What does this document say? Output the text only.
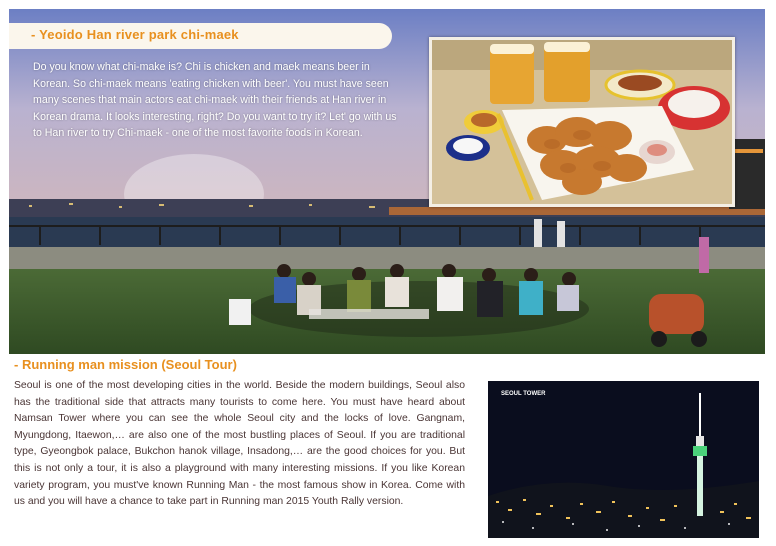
- Yeoido Han river park chi-maek
Do you know what chi-make is? Chi is chicken and maek means beer in Korean. So chi-maek means 'eating chicken with beer'. You must have seen many scenes that main actors eat chi-maek with their friends at Han river in Korean drama. It looks interesting, right? Do you want to try it? Let' go with us to Han river to try Chi-maek - one of the most favorite foods in Korean.
- Running man mission (Seoul Tour)
Seoul is one of the most developing cities in the world. Beside the modern buildings, Seoul also has the traditional side that attracts many tourists to come here. You must have heard about Namsan Tower where you can see the whole Seoul city and the locks of love. Gangnam, Myungdong, Itaewon,… are also one of the most bustling places of Seoul. If you are traditional type, Gyeongbok palace, Bukchon hanok village, Insadong,… are the good choices for you. But this is not only a tour, it is also a playground with many interesting missions. If you like Korean variety program, you must've known Running Man - the most famous show in Korea. Come with us and you will have a chance to take part in Running man 2015 Youth Rally version.
SEOUL TOWER
